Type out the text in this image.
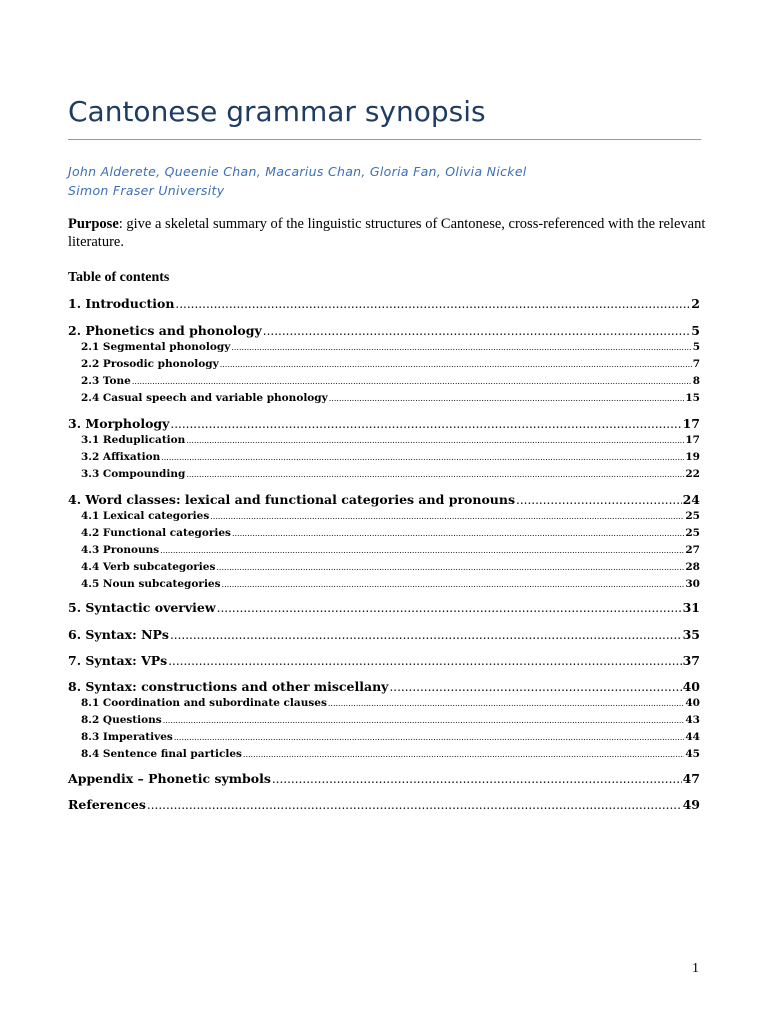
Cantonese grammar synopsis
John Alderete, Queenie Chan, Macarius Chan, Gloria Fan, Olivia Nickel
Simon Fraser University
Purpose: give a skeletal summary of the linguistic structures of Cantonese, cross-referenced with the relevant literature.
Table of contents
1. Introduction .....	2
2. Phonetics and phonology .....	5
2.1 Segmental phonology .....	5
2.2 Prosodic phonology .....	7
2.3 Tone .....	8
2.4 Casual speech and variable phonology .....	15
3. Morphology .....	17
3.1 Reduplication .....	17
3.2 Affixation .....	19
3.3 Compounding .....	22
4. Word classes: lexical and functional categories and pronouns .....	24
4.1 Lexical categories .....	25
4.2 Functional categories .....	25
4.3 Pronouns .....	27
4.4 Verb subcategories .....	28
4.5 Noun subcategories .....	30
5. Syntactic overview .....	31
6. Syntax: NPs .....	35
7. Syntax: VPs .....	37
8. Syntax: constructions and other miscellany .....	40
8.1 Coordination and subordinate clauses .....	40
8.2 Questions .....	43
8.3 Imperatives .....	44
8.4 Sentence final particles .....	45
Appendix – Phonetic symbols .....	47
References .....	49
1
